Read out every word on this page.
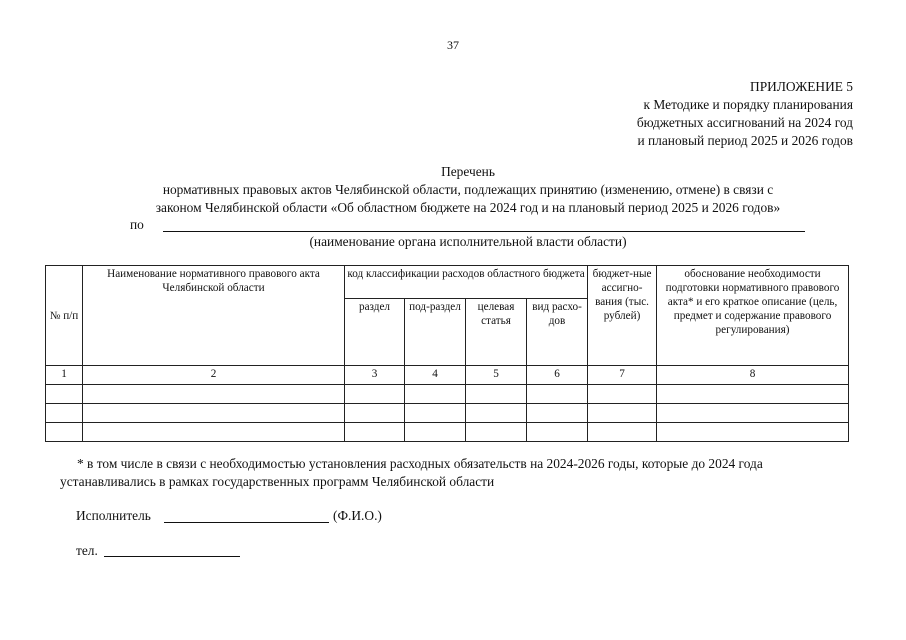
37
ПРИЛОЖЕНИЕ 5
к Методике и порядку планирования
бюджетных ассигнований на 2024 год
и плановый период 2025 и 2026 годов
Перечень
нормативных правовых актов Челябинской области, подлежащих принятию (изменению, отмене) в связи с
законом Челябинской области «Об областном бюджете на 2024 год и на плановый период 2025 и 2026 годов»
по
(наименование органа исполнительной власти области)
№ п/п	Наименование нормативного правового акта Челябинской области	код классификации расходов областного бюджета				бюджет-ные ассигно-вания (тыс. рублей)	обоснование необходимости подготовки нормативного правового акта* и его краткое описание (цель, предмет и содержание правового регулирования)
		раздел	под-раздел	целевая статья	вид расхо-дов		
1	2	3	4	5	6	7	8

* в том числе в связи с необходимостью установления расходных обязательств на 2024-2026 годы, которые до 2024 года
устанавливались в рамках государственных программ Челябинской области
Исполнитель	(Ф.И.О.)
тел.
